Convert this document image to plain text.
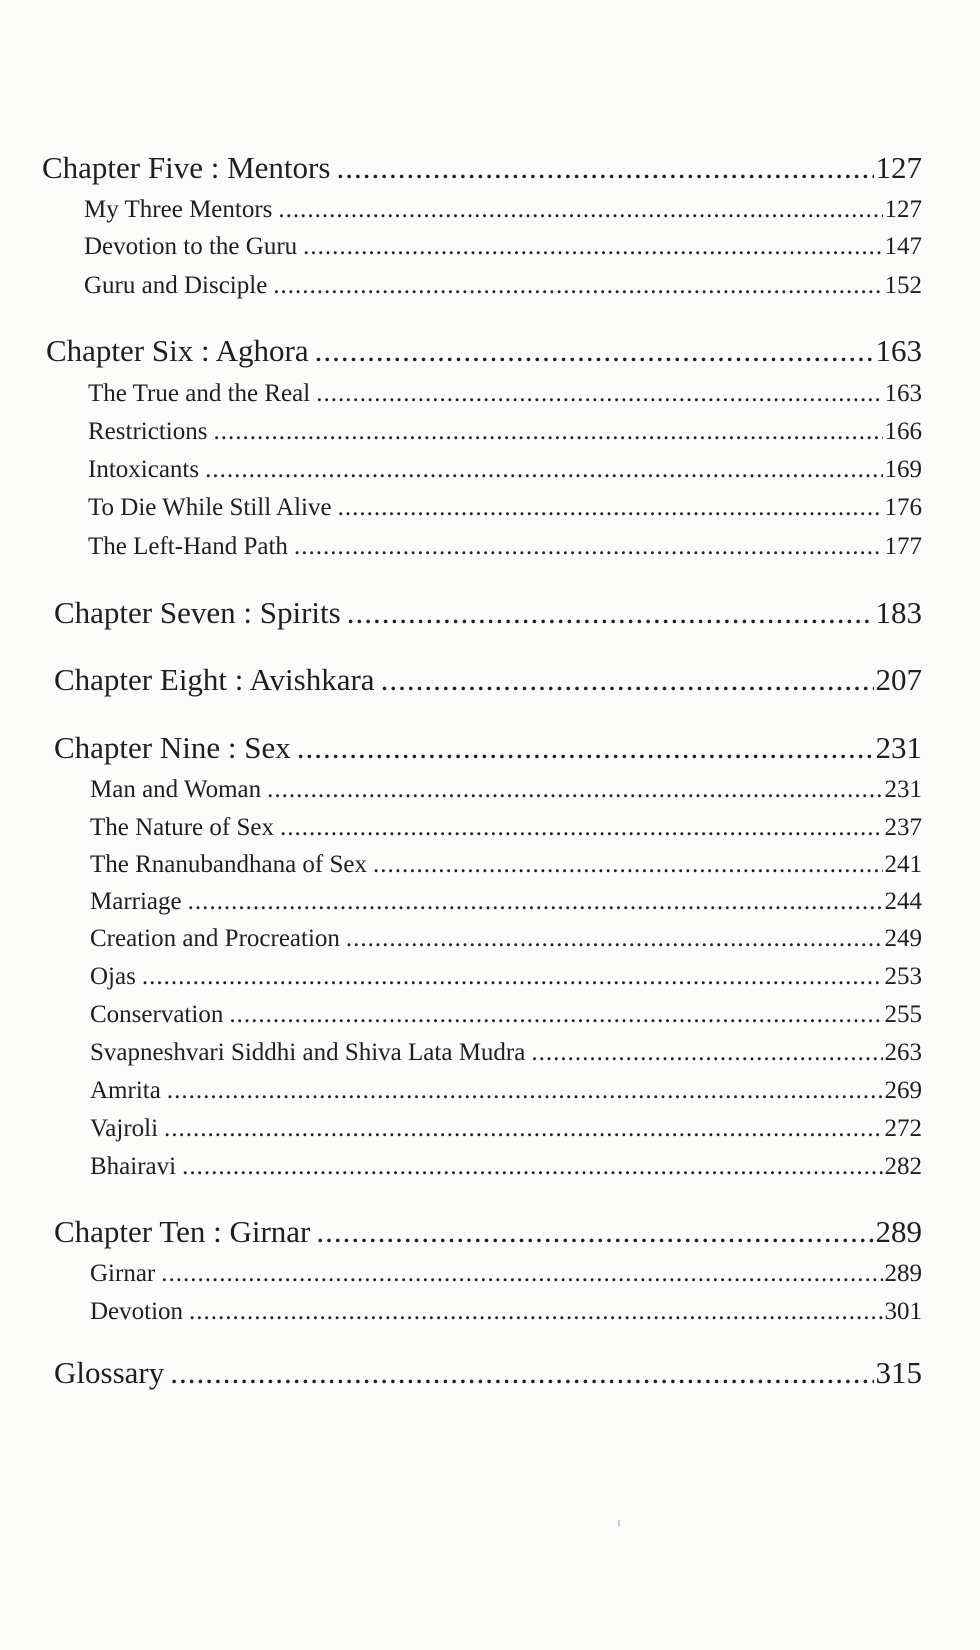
Chapter Five : Mentors .....	127
My Three Mentors .....	127
Devotion to the Guru .....	147
Guru and Disciple .....	152
Chapter Six : Aghora .....	163
The True and the Real .....	163
Restrictions .....	166
Intoxicants .....	169
To Die While Still Alive .....	176
The Left-Hand Path .....	177
Chapter Seven : Spirits .....	183
Chapter Eight : Avishkara .....	207
Chapter Nine : Sex .....	231
Man and Woman .....	231
The Nature of Sex .....	237
The Rnanubandhana of Sex .....	241
Marriage .....	244
Creation and Procreation .....	249
Ojas .....	253
Conservation .....	255
Svapneshvari Siddhi and Shiva Lata Mudra .....	263
Amrita .....	269
Vajroli .....	272
Bhairavi .....	282
Chapter Ten : Girnar .....	289
Girnar .....	289
Devotion .....	301
Glossary .....	315
